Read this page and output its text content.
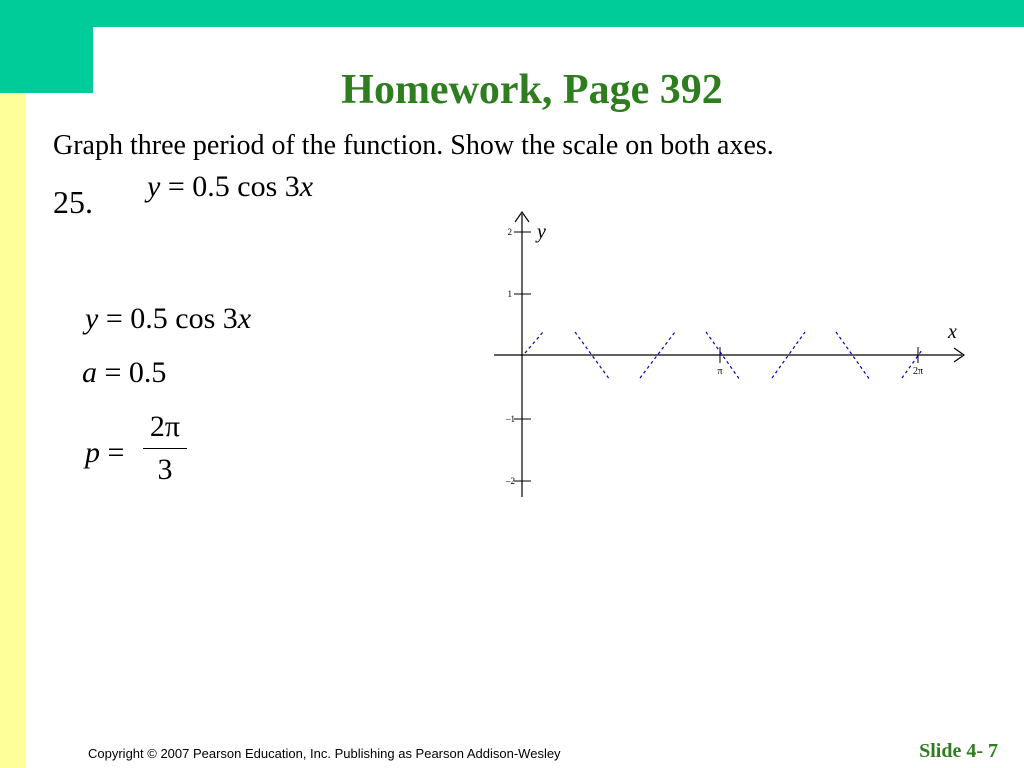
Homework, Page 392
Graph three period of the function. Show the scale on both axes.
25. y = 0.5 cos 3x
y = 0.5 cos 3x
a = 0.5
p =
2π
3
2
1
–1
–2
π	2π
y
x
Copyright © 2007 Pearson Education, Inc. Publishing as Pearson Addison-Wesley	Slide 4- 7
